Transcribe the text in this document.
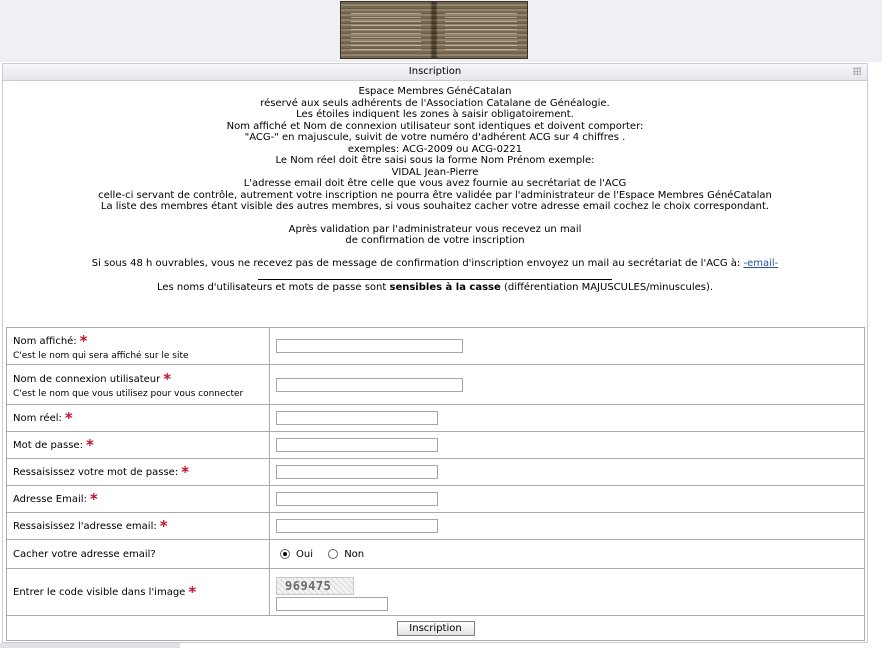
Inscription
Espace Membres GénéCatalan
réservé aux seuls adhérents de l'Association Catalane de Généalogie.
Les étoiles indiquent les zones à saisir obligatoirement.
Nom affiché et Nom de connexion utilisateur sont identiques et doivent comporter:
"ACG-" en majuscule, suivit de votre numéro d'adhérent ACG sur 4 chiffres .
exemples: ACG-2009 ou ACG-0221
Le Nom réel doit être saisi sous la forme Nom Prénom exemple:
VIDAL Jean-Pierre
L'adresse email doit être celle que vous avez fournie au secrétariat de l'ACG
celle-ci servant de contrôle, autrement votre inscription ne pourra être validée par l'administrateur de l'Espace Membres GénéCatalan
La liste des membres étant visible des autres membres, si vous souhaitez cacher votre adresse email cochez le choix correspondant.
Après validation par l'administrateur vous recevez un mail
de confirmation de votre inscription
Si sous 48 h ouvrables, vous ne recevez pas de message de confirmation d'inscription envoyez un mail au secrétariat de l'ACG à: -email-
Les noms d'utilisateurs et mots de passe sont sensibles à la casse (différentiation MAJUSCULES/minuscules).
Nom affiché: *
C'est le nom qui sera affiché sur le site	

Nom de connexion utilisateur *
C'est le nom que vous utilisez pour vous connecter	

Nom réel: *	
Mot de passe: *	
Ressaisissez votre mot de passe: *	
Adresse Email: *	
Ressaisissez l'adresse email: *	
Cacher votre adresse email?	Oui Non
Entrer le code visible dans l'image *	969475

Inscription	
